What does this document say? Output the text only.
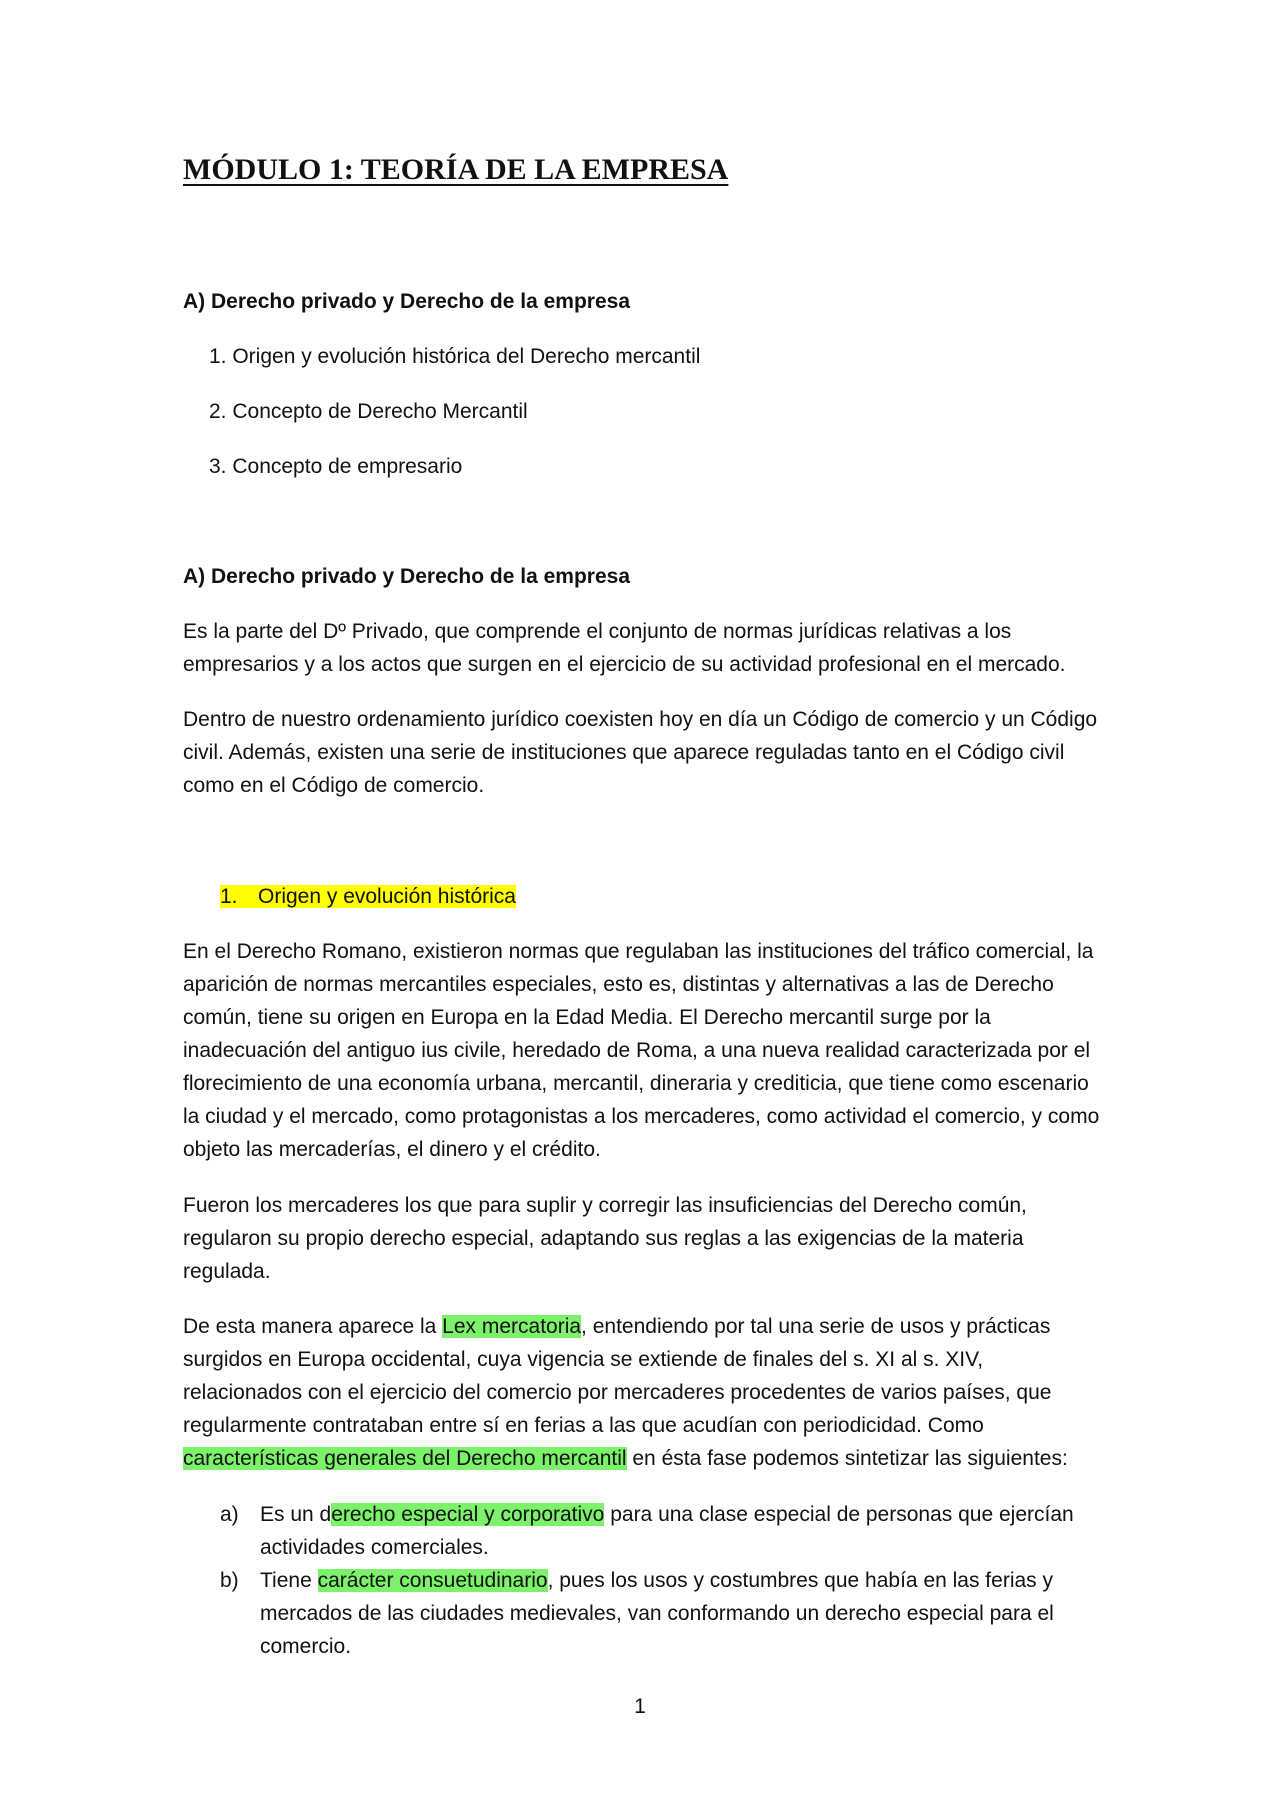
MÓDULO 1: TEORÍA DE LA EMPRESA

A) Derecho privado y Derecho de la empresa

1. Origen y evolución histórica del Derecho mercantil

2. Concepto de Derecho Mercantil

3. Concepto de empresario

A) Derecho privado y Derecho de la empresa

Es la parte del Dº Privado, que comprende el conjunto de normas jurídicas relativas a los empresarios y a los actos que surgen en el ejercicio de su actividad profesional en el mercado.

Dentro de nuestro ordenamiento jurídico coexisten hoy en día un Código de comercio y un Código civil. Además, existen una serie de instituciones que aparece reguladas tanto en el Código civil como en el Código de comercio.

1. Origen y evolución histórica

En el Derecho Romano, existieron normas que regulaban las instituciones del tráfico comercial, la aparición de normas mercantiles especiales, esto es, distintas y alternativas a las de Derecho común, tiene su origen en Europa en la Edad Media. El Derecho mercantil surge por la inadecuación del antiguo ius civile, heredado de Roma, a una nueva realidad caracterizada por el florecimiento de una economía urbana, mercantil, dineraria y crediticia, que tiene como escenario la ciudad y el mercado, como protagonistas a los mercaderes, como actividad el comercio, y como objeto las mercaderías, el dinero y el crédito.

Fueron los mercaderes los que para suplir y corregir las insuficiencias del Derecho común, regularon su propio derecho especial, adaptando sus reglas a las exigencias de la materia regulada.

De esta manera aparece la Lex mercatoria, entendiendo por tal una serie de usos y prácticas surgidos en Europa occidental, cuya vigencia se extiende de finales del s. XI al s. XIV, relacionados con el ejercicio del comercio por mercaderes procedentes de varios países, que regularmente contrataban entre sí en ferias a las que acudían con periodicidad. Como características generales del Derecho mercantil en ésta fase podemos sintetizar las siguientes:

a) Es un derecho especial y corporativo para una clase especial de personas que ejercían actividades comerciales.
b) Tiene carácter consuetudinario, pues los usos y costumbres que había en las ferias y mercados de las ciudades medievales, van conformando un derecho especial para el comercio.

1
